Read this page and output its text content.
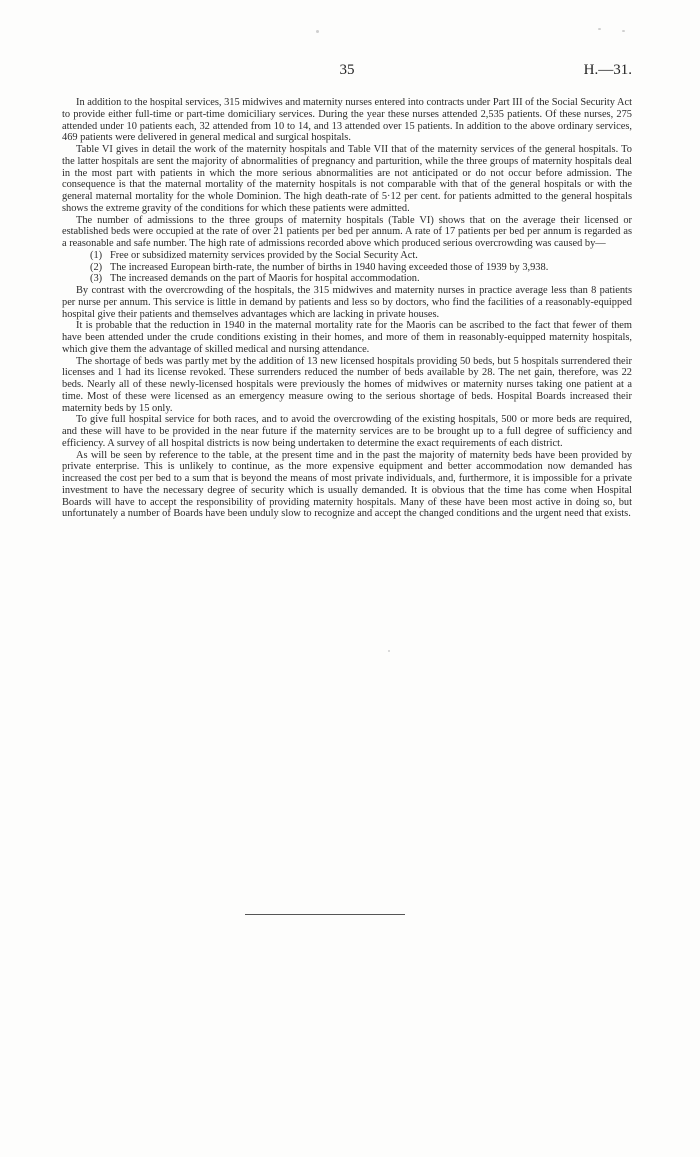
35	H.—31.

In addition to the hospital services, 315 midwives and maternity nurses entered into contracts under Part III of the Social Security Act to provide either full-time or part-time domiciliary services. During the year these nurses attended 2,535 patients. Of these nurses, 275 attended under 10 patients each, 32 attended from 10 to 14, and 13 attended over 15 patients. In addition to the above ordinary services, 469 patients were delivered in general medical and surgical hospitals.

Table VI gives in detail the work of the maternity hospitals and Table VII that of the maternity services of the general hospitals. To the latter hospitals are sent the majority of abnormalities of pregnancy and parturition, while the three groups of maternity hospitals deal in the most part with patients in which the more serious abnormalities are not anticipated or do not occur before admission. The consequence is that the maternal mortality of the maternity hospitals is not comparable with that of the general hospitals or with the general maternal mortality for the whole Dominion. The high death-rate of 5·12 per cent. for patients admitted to the general hospitals shows the extreme gravity of the conditions for which these patients were admitted.

The number of admissions to the three groups of maternity hospitals (Table VI) shows that on the average their licensed or established beds were occupied at the rate of over 21 patients per bed per annum. A rate of 17 patients per bed per annum is regarded as a reasonable and safe number. The high rate of admissions recorded above which produced serious overcrowding was caused by—

(1) Free or subsidized maternity services provided by the Social Security Act.
(2) The increased European birth-rate, the number of births in 1940 having exceeded those of 1939 by 3,938.
(3) The increased demands on the part of Maoris for hospital accommodation.

By contrast with the overcrowding of the hospitals, the 315 midwives and maternity nurses in practice average less than 8 patients per nurse per annum. This service is little in demand by patients and less so by doctors, who find the facilities of a reasonably-equipped hospital give their patients and themselves advantages which are lacking in private houses.

It is probable that the reduction in 1940 in the maternal mortality rate for the Maoris can be ascribed to the fact that fewer of them have been attended under the crude conditions existing in their homes, and more of them in reasonably-equipped maternity hospitals, which give them the advantage of skilled medical and nursing attendance.

The shortage of beds was partly met by the addition of 13 new licensed hospitals providing 50 beds, but 5 hospitals surrendered their licenses and 1 had its license revoked. These surrenders reduced the number of beds available by 28. The net gain, therefore, was 22 beds. Nearly all of these newly-licensed hospitals were previously the homes of midwives or maternity nurses taking one patient at a time. Most of these were licensed as an emergency measure owing to the serious shortage of beds. Hospital Boards increased their maternity beds by 15 only.

To give full hospital service for both races, and to avoid the overcrowding of the existing hospitals, 500 or more beds are required, and these will have to be provided in the near future if the maternity services are to be brought up to a full degree of sufficiency and efficiency. A survey of all hospital districts is now being undertaken to determine the exact requirements of each district.

As will be seen by reference to the table, at the present time and in the past the majority of maternity beds have been provided by private enterprise. This is unlikely to continue, as the more expensive equipment and better accommodation now demanded has increased the cost per bed to a sum that is beyond the means of most private individuals, and, furthermore, it is impossible for a private investment to have the necessary degree of security which is usually demanded. It is obvious that the time has come when Hospital Boards will have to accept the responsibility of providing maternity hospitals. Many of these have been most active in doing so, but unfortunately a number of Boards have been unduly slow to recognize and accept the changed conditions and the urgent need that exists.
